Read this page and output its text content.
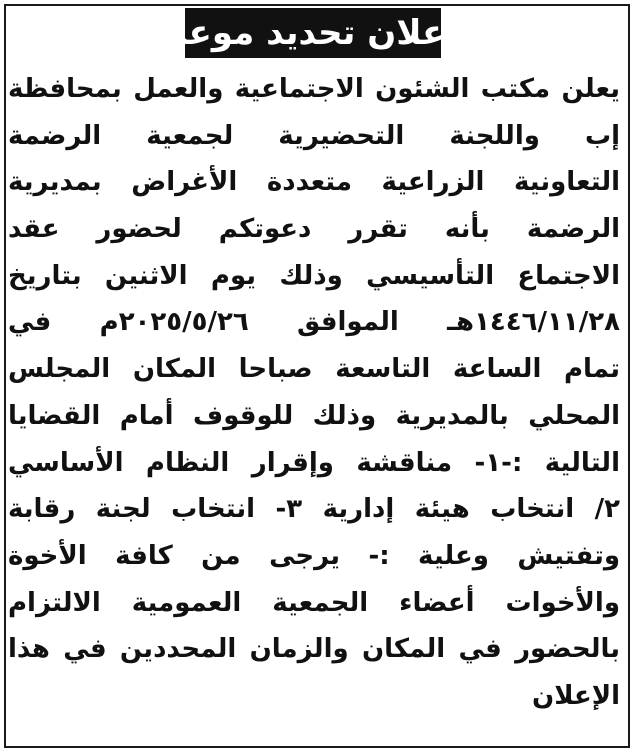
إعلان تحديد موعد
يعلن مكتب الشئون الاجتماعية والعمل بمحافظة
إب واللجنة التحضيرية لجمعية الرضمة
التعاونية الزراعية متعددة الأغراض بمديرية
الرضمة بأنه تقرر دعوتكم لحضور عقد
الاجتماع التأسيسي وذلك يوم الاثنين بتاريخ
١٤٤٦/١١/٢٨هـ الموافق ٢٠٢٥/٥/٢٦م في
تمام الساعة التاسعة صباحا المكان المجلس
المحلي بالمديرية وذلك للوقوف أمام القضايا
التالية :-١- مناقشة وإقرار النظام الأساسي
٢/ انتخاب هيئة إدارية ٣- انتخاب لجنة رقابة
وتفتيش وعلية :- يرجى من كافة الأخوة
والأخوات أعضاء الجمعية العمومية الالتزام
بالحضور في المكان والزمان المحددين في هذا
الإعلان
